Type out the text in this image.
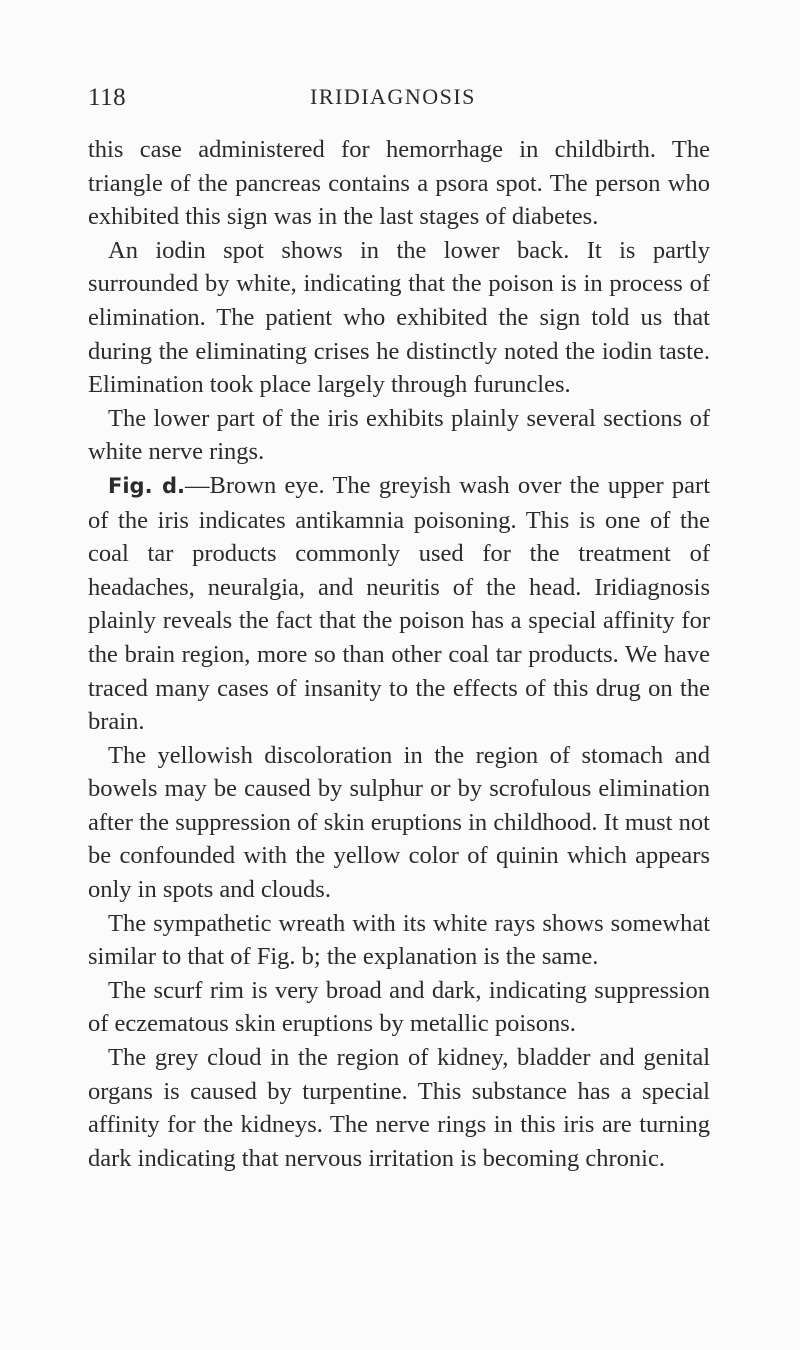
118	IRIDIAGNOSIS

this case administered for hemorrhage in childbirth. The triangle of the pancreas contains a psora spot. The person who exhibited this sign was in the last stages of diabetes.

An iodin spot shows in the lower back. It is partly surrounded by white, indicating that the poison is in process of elimination. The patient who exhibited the sign told us that during the eliminating crises he distinctly noted the iodin taste. Elimination took place largely through furuncles.

The lower part of the iris exhibits plainly several sections of white nerve rings.

Fig. d.—Brown eye. The greyish wash over the upper part of the iris indicates antikamnia poisoning. This is one of the coal tar products commonly used for the treatment of headaches, neuralgia, and neuritis of the head. Iridiagnosis plainly reveals the fact that the poison has a special affinity for the brain region, more so than other coal tar products. We have traced many cases of insanity to the effects of this drug on the brain.

The yellowish discoloration in the region of stomach and bowels may be caused by sulphur or by scrofulous elimination after the suppression of skin eruptions in childhood. It must not be confounded with the yellow color of quinin which appears only in spots and clouds.

The sympathetic wreath with its white rays shows somewhat similar to that of Fig. b; the explanation is the same.

The scurf rim is very broad and dark, indicating suppression of eczematous skin eruptions by metallic poisons.

The grey cloud in the region of kidney, bladder and genital organs is caused by turpentine. This substance has a special affinity for the kidneys. The nerve rings in this iris are turning dark indicating that nervous irritation is becoming chronic.
